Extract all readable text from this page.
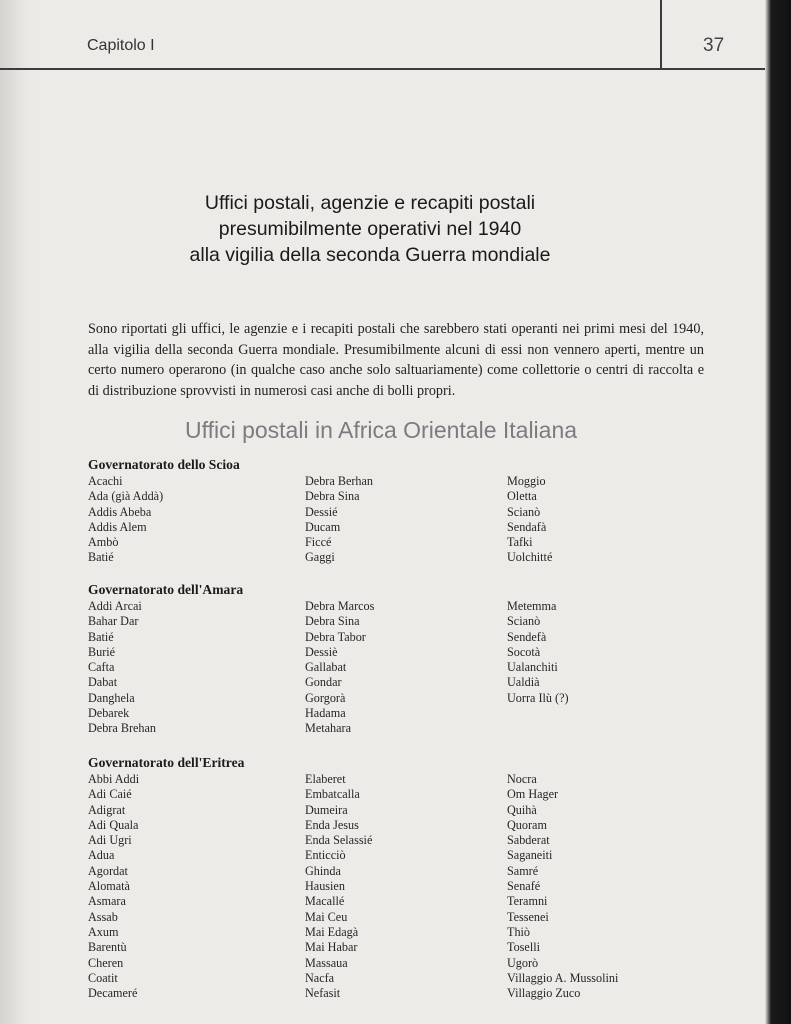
Capitolo I	37
Uffici postali, agenzie e recapiti postali
presumibilmente operativi nel 1940
alla vigilia della seconda Guerra mondiale
Sono riportati gli uffici, le agenzie e i recapiti postali che sarebbero stati operanti nei primi mesi del 1940, alla vigilia della seconda Guerra mondiale. Presumibilmente alcuni di essi non vennero aperti, mentre un certo numero operarono (in qualche caso anche solo saltuariamente) come collettorie o centri di raccolta e di distribuzione sprovvisti in numerosi casi anche di bolli propri.
Uffici postali in Africa Orientale Italiana
Governatorato dello Scioa
Acachi
Ada (già Addà)
Addis Abeba
Addis Alem
Ambò
Batié
Debra Berhan
Debra Sina
Dessié
Ducam
Ficcé
Gaggi
Moggio
Oletta
Scianò
Sendafà
Tafki
Uolchitté
Governatorato dell'Amara
Addi Arcai
Bahar Dar
Batié
Burié
Cafta
Dabat
Danghela
Debarek
Debra Brehan
Debra Marcos
Debra Sina
Debra Tabor
Dessiè
Gallabat
Gondar
Gorgorà
Hadama
Metahara
Metemma
Scianò
Sendefà
Socotà
Ualanchiti
Ualdià
Uorra Ilù (?)
Governatorato dell'Eritrea
Abbi Addi
Adi Caié
Adigrat
Adi Quala
Adi Ugri
Adua
Agordat
Alomatà
Asmara
Assab
Axum
Barentù
Cheren
Coatit
Decameré
Elaberet
Embatcalla
Dumeira
Enda Jesus
Enda Selassié
Enticciò
Ghinda
Hausien
Macallé
Mai Ceu
Mai Edagà
Mai Habar
Massaua
Nacfa
Nefasit
Nocra
Om Hager
Quihà
Quoram
Sabderat
Saganeiti
Samré
Senafé
Teramni
Tessenei
Thiò
Toselli
Ugorò
Villaggio A. Mussolini
Villaggio Zuco
